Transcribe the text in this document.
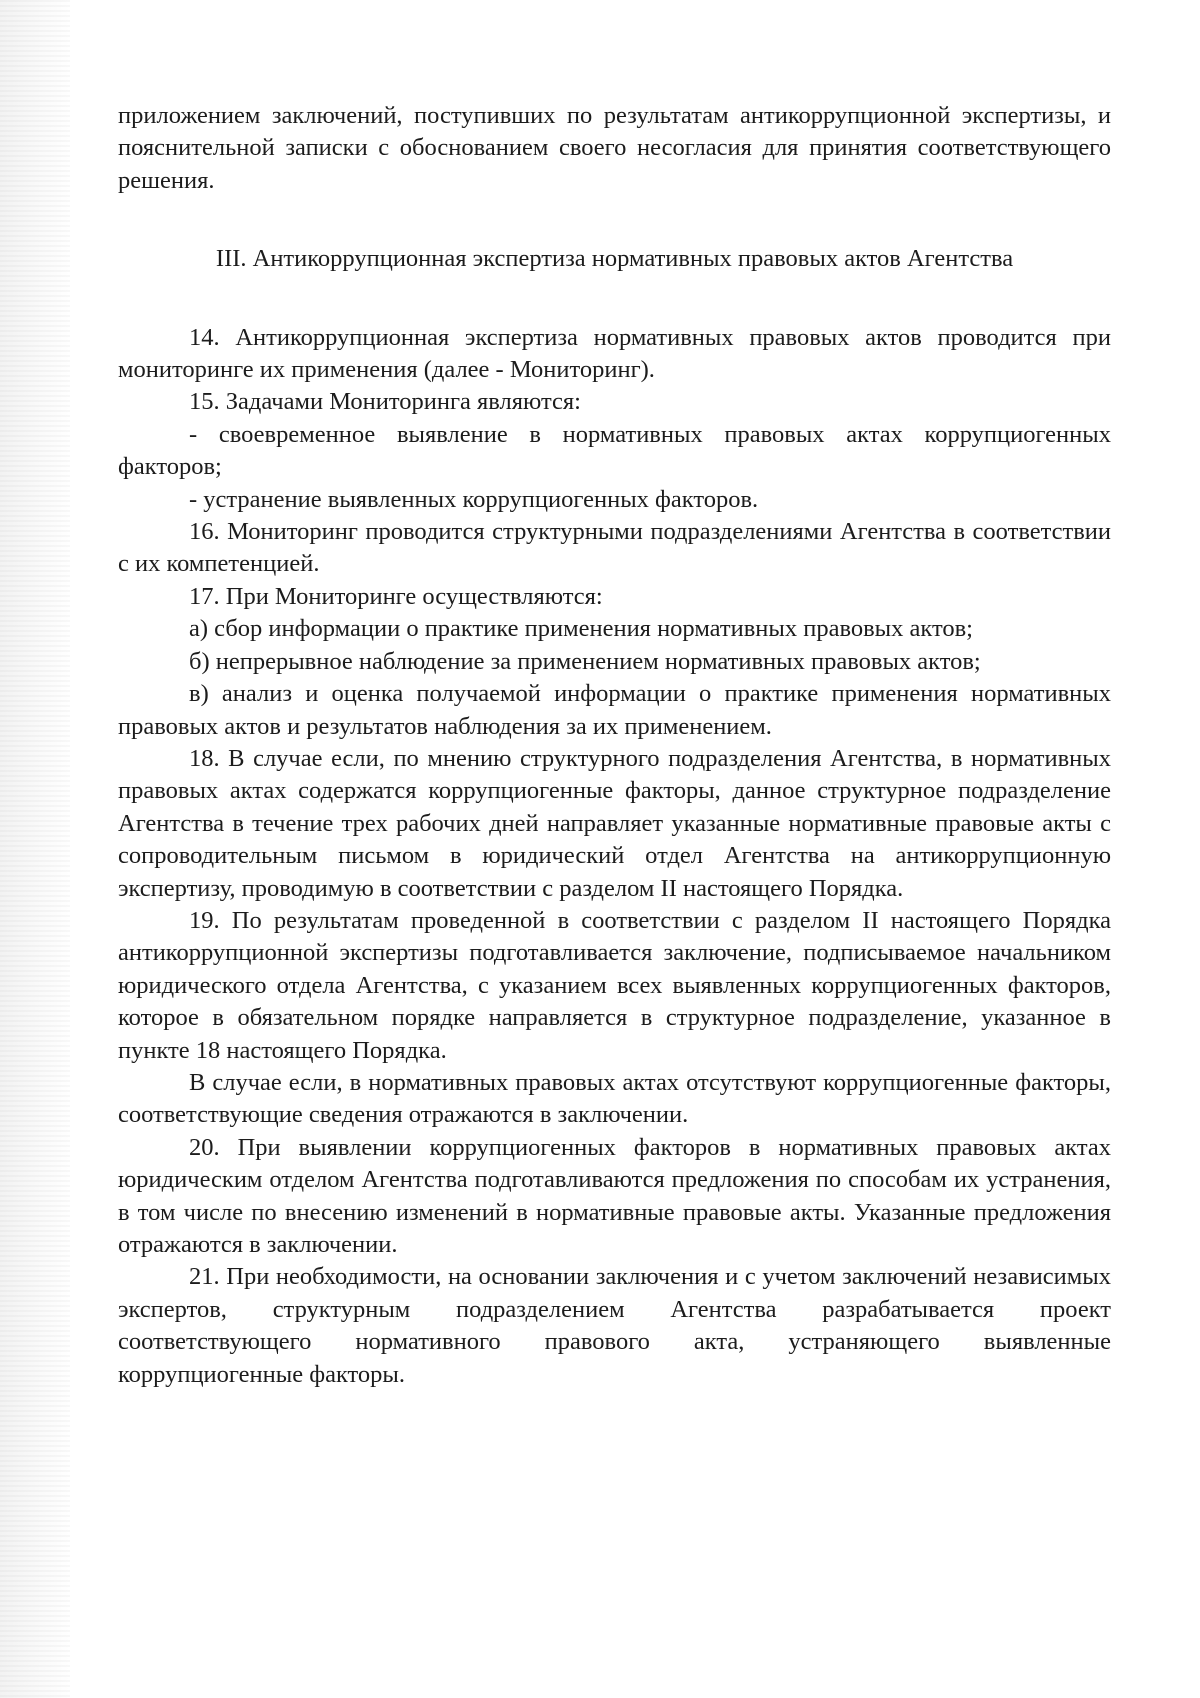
приложением заключений, поступивших по результатам антикоррупционной экспертизы, и пояснительной записки с обоснованием своего несогласия для принятия соответствующего решения.

III. Антикоррупционная экспертиза нормативных правовых актов Агентства

14. Антикоррупционная экспертиза нормативных правовых актов проводится при мониторинге их применения (далее - Мониторинг).

15. Задачами Мониторинга являются:

- своевременное выявление в нормативных правовых актах коррупциогенных факторов;

- устранение выявленных коррупциогенных факторов.

16. Мониторинг проводится структурными подразделениями Агентства в соответствии с их компетенцией.

17. При Мониторинге осуществляются:

а) сбор информации о практике применения нормативных правовых актов;

б) непрерывное наблюдение за применением нормативных правовых актов;

в) анализ и оценка получаемой информации о практике применения нормативных правовых актов и результатов наблюдения за их применением.

18. В случае если, по мнению структурного подразделения Агентства, в нормативных правовых актах содержатся коррупциогенные факторы, данное структурное подразделение Агентства в течение трех рабочих дней направляет указанные нормативные правовые акты с сопроводительным письмом в юридический отдел Агентства на антикоррупционную экспертизу, проводимую в соответствии с разделом II настоящего Порядка.

19. По результатам проведенной в соответствии с разделом II настоящего Порядка антикоррупционной экспертизы подготавливается заключение, подписываемое начальником юридического отдела Агентства, с указанием всех выявленных коррупциогенных факторов, которое в обязательном порядке направляется в структурное подразделение, указанное в пункте 18 настоящего Порядка.

В случае если, в нормативных правовых актах отсутствуют коррупциогенные факторы, соответствующие сведения отражаются в заключении.

20. При выявлении коррупциогенных факторов в нормативных правовых актах юридическим отделом Агентства подготавливаются предложения по способам их устранения, в том числе по внесению изменений в нормативные правовые акты. Указанные предложения отражаются в заключении.

21. При необходимости, на основании заключения и с учетом заключений независимых экспертов, структурным подразделением Агентства разрабатывается проект соответствующего нормативного правового акта, устраняющего выявленные коррупциогенные факторы.
